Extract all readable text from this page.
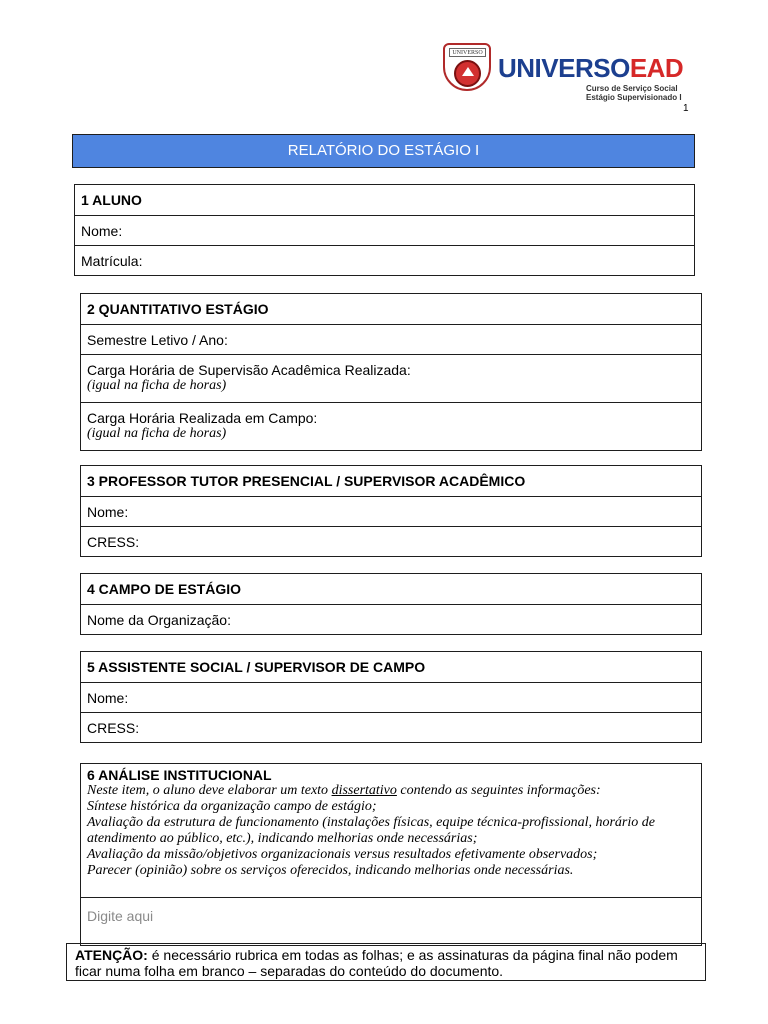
UNIVERSO UNIVERSOEAD
Curso de Serviço Social
Estágio Supervisionado I
1
RELATÓRIO DO ESTÁGIO I
1 ALUNO
Nome:
Matrícula:
2 QUANTITATIVO ESTÁGIO
Semestre Letivo / Ano:
Carga Horária de Supervisão Acadêmica Realizada:
(igual na ficha de horas)
Carga Horária Realizada em Campo:
(igual na ficha de horas)
3 PROFESSOR TUTOR PRESENCIAL / SUPERVISOR ACADÊMICO
Nome:
CRESS:
4 CAMPO DE ESTÁGIO
Nome da Organização:
5 ASSISTENTE SOCIAL / SUPERVISOR DE CAMPO
Nome:
CRESS:
6 ANÁLISE INSTITUCIONAL
Neste item, o aluno deve elaborar um texto dissertativo contendo as seguintes informações:
Síntese histórica da organização campo de estágio;
Avaliação da estrutura de funcionamento (instalações físicas, equipe técnica-profissional, horário de atendimento ao público, etc.), indicando melhorias onde necessárias;
Avaliação da missão/objetivos organizacionais versus resultados efetivamente observados;
Parecer (opinião) sobre os serviços oferecidos, indicando melhorias onde necessárias.
Digite aqui
ATENÇÃO: é necessário rubrica em todas as folhas; e as assinaturas da página final não podem ficar numa folha em branco – separadas do conteúdo do documento.
